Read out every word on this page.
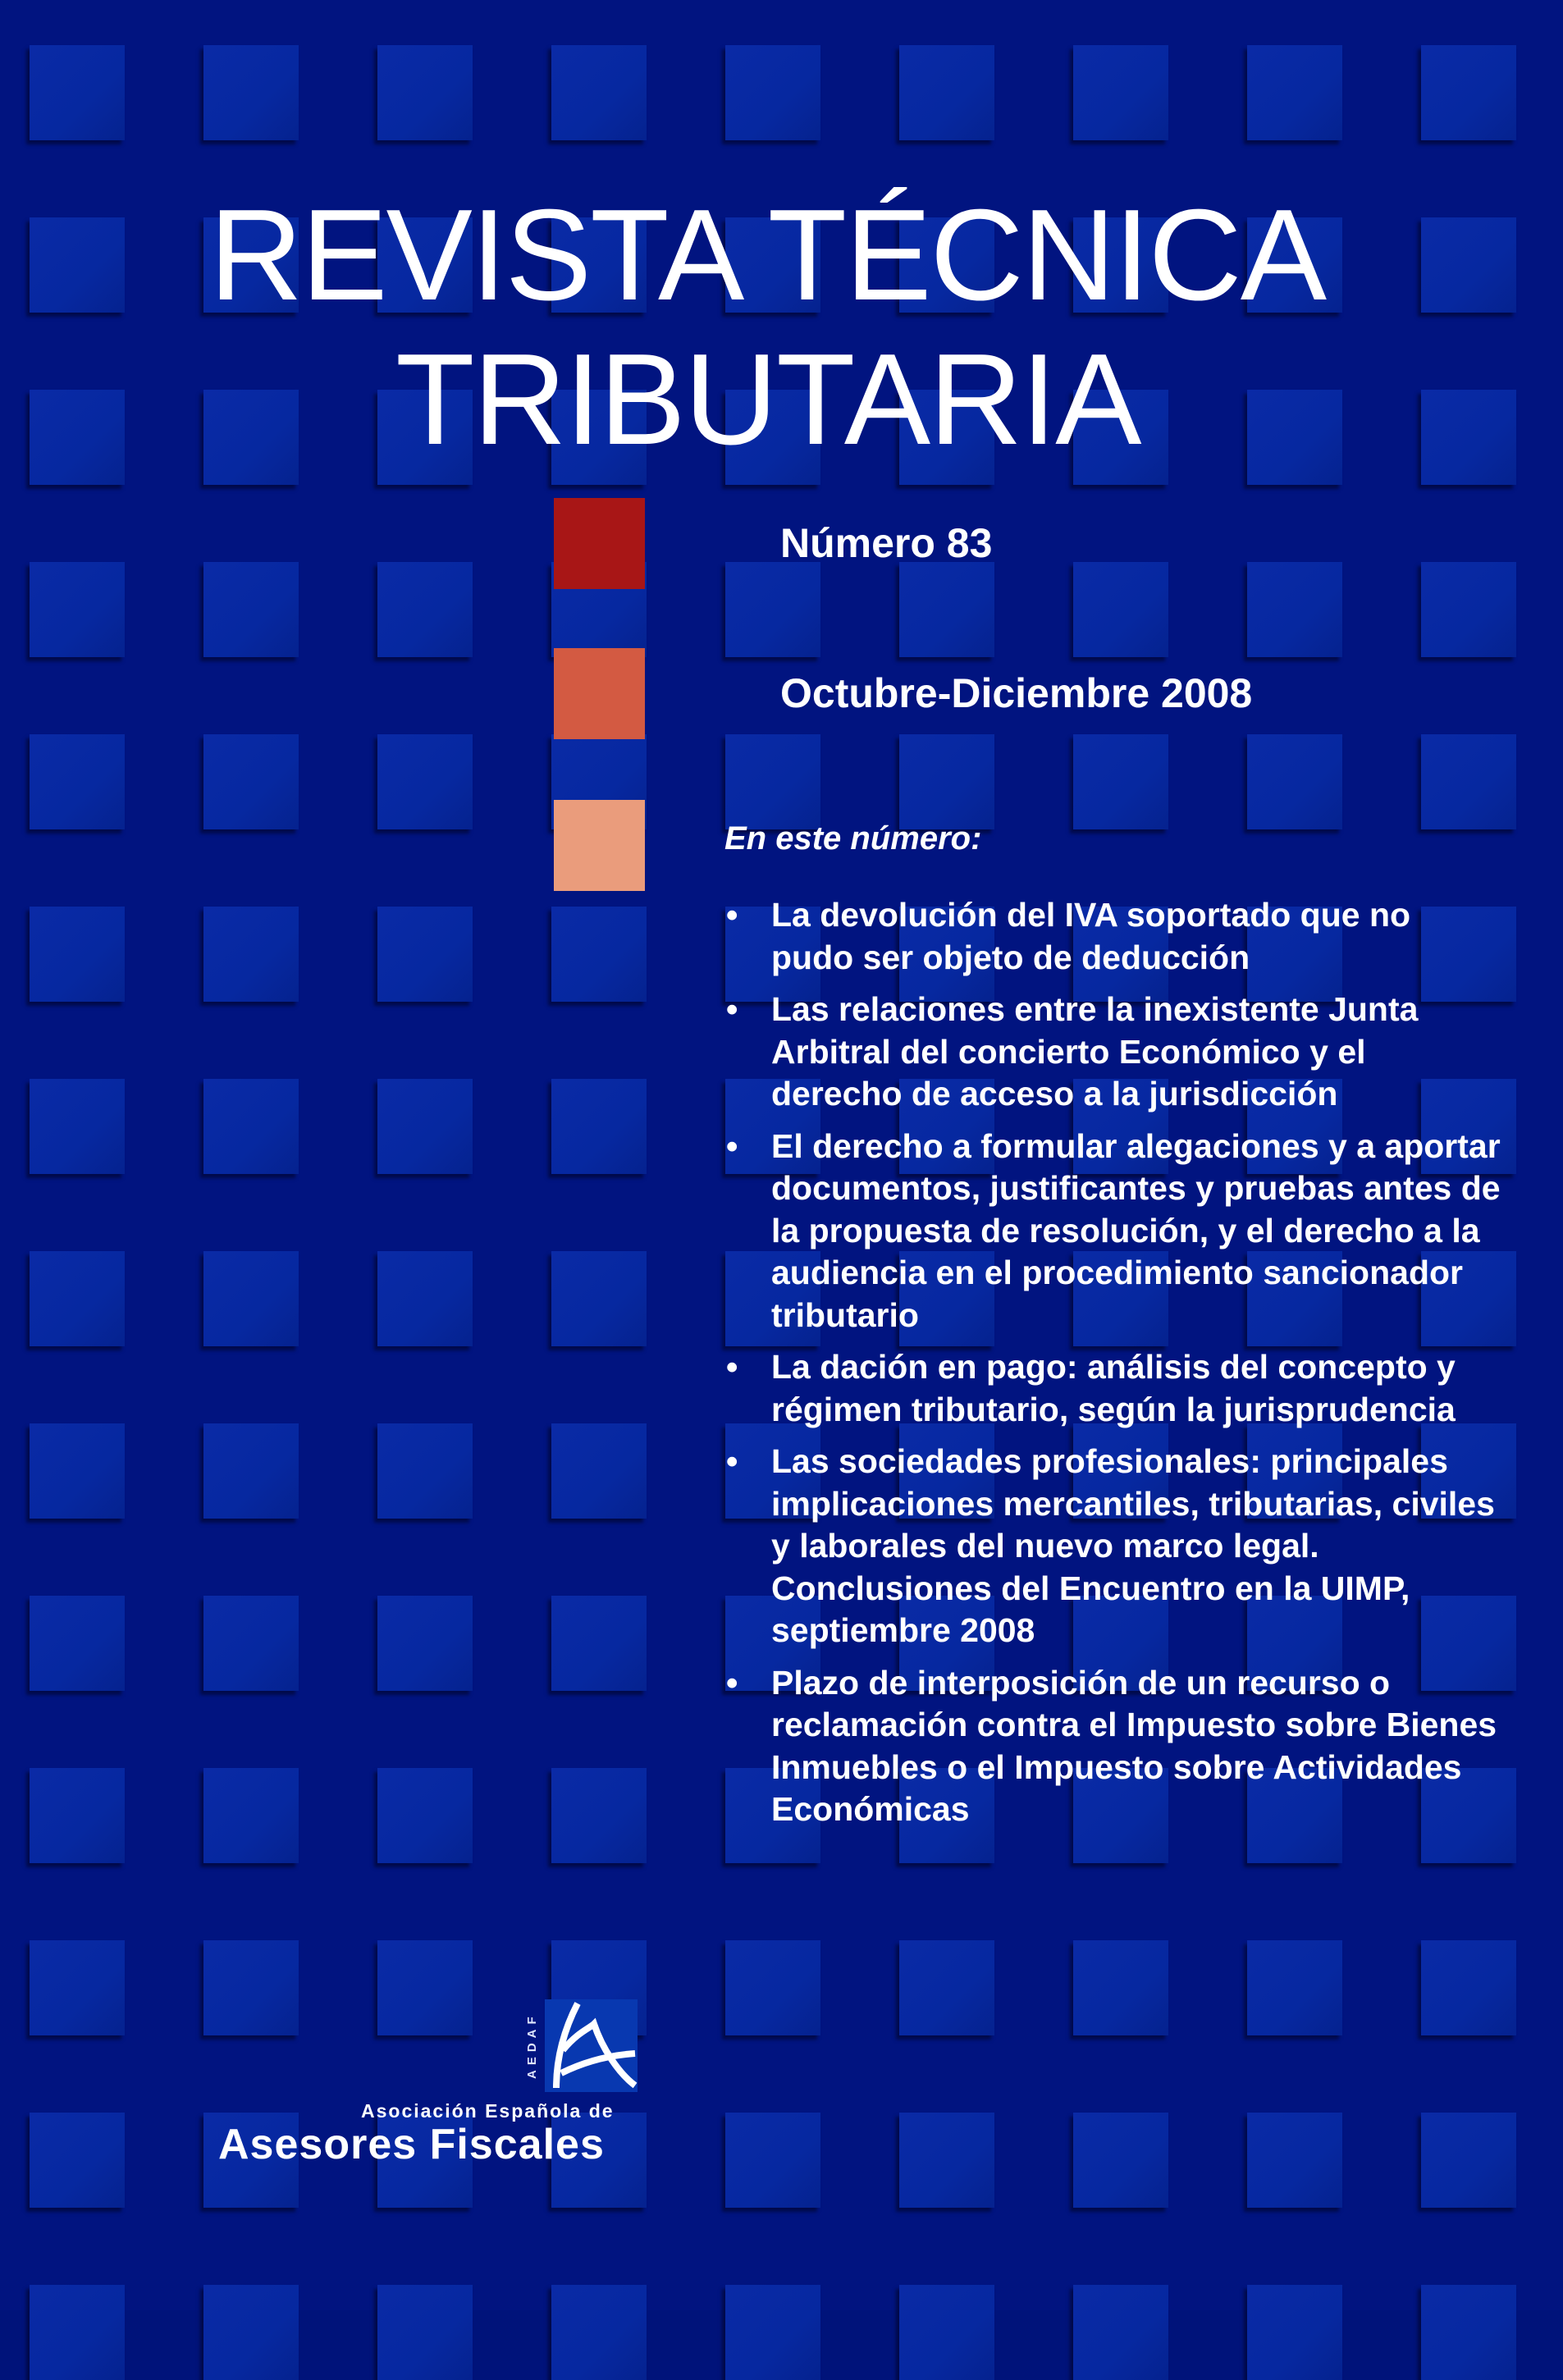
REVISTA TÉCNICA
TRIBUTARIA
Número 83
Octubre-Diciembre 2008
En este número:
• La devolución del IVA soportado que no pudo ser objeto de deducción
• Las relaciones entre la inexistente Junta Arbitral del concierto Económico y el derecho de acceso a la jurisdicción
• El derecho a formular alegaciones y a aportar documentos, justificantes y pruebas antes de la propuesta de resolución, y el derecho a la audiencia en el procedimiento sancionador tributario
• La dación en pago: análisis del concepto y régimen tributario, según la jurisprudencia
• Las sociedades profesionales: principales implicaciones mercantiles, tributarias, civiles y laborales del nuevo marco legal. Conclusiones del Encuentro en la UIMP, septiembre 2008
• Plazo de interposición de un recurso o reclamación contra el Impuesto sobre Bienes Inmuebles o el Impuesto sobre Actividades Económicas
AEDAF
Asociación Española de
Asesores Fiscales
